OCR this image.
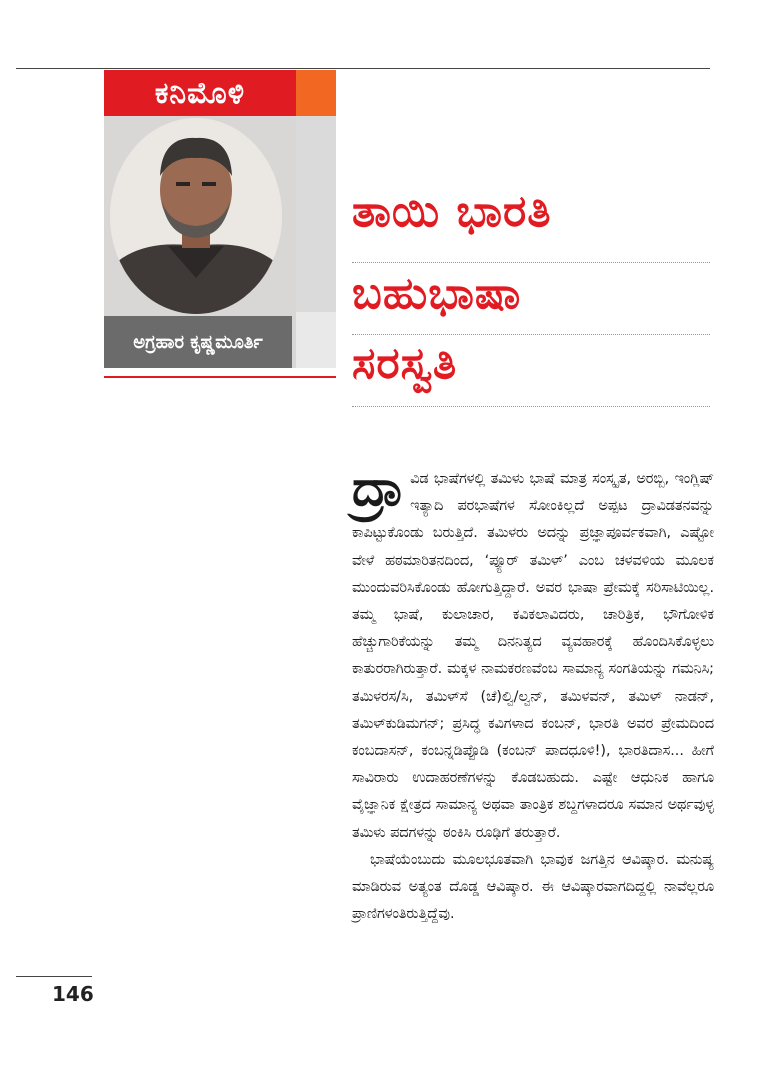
ಕನಿಮೊಳಿ
ಅಗ್ರಹಾರ ಕೃಷ್ಣಮೂರ್ತಿ
ತಾಯಿ ಭಾರತಿ
ಬಹುಭಾಷಾ
ಸರಸ್ವತಿ

ದ್ರಾ ವಿಡ ಭಾಷೆಗಳಲ್ಲಿ ತಮಿಳು ಭಾಷೆ ಮಾತ್ರ ಸಂಸ್ಕೃತ, ಅರಬ್ಬಿ, ಇಂಗ್ಲಿಷ್ ಇತ್ಯಾದಿ ಪರಭಾಷೆಗಳ ಸೋಂಕಿಲ್ಲದೆ ಅಪ್ಪಟ ದ್ರಾವಿಡತನವನ್ನು ಕಾಪಿಟ್ಟುಕೊಂಡು ಬರುತ್ತಿದೆ. ತಮಿಳರು ಅದನ್ನು ಪ್ರಜ್ಞಾಪೂರ್ವಕವಾಗಿ, ಎಷ್ಟೋ ವೇಳೆ ಹಠಮಾರಿತನದಿಂದ, ‘ಪ್ಯೂರ್ ತಮಿಳ್’ ಎಂಬ ಚಳವಳಿಯ ಮೂಲಕ ಮುಂದುವರಿಸಿಕೊಂಡು ಹೋಗುತ್ತಿದ್ದಾರೆ. ಅವರ ಭಾಷಾ ಪ್ರೇಮಕ್ಕೆ ಸರಿಸಾಟಿಯಿಲ್ಲ. ತಮ್ಮ ಭಾಷೆ, ಕುಲಾಚಾರ, ಕವಿಕಲಾವಿದರು, ಚಾರಿತ್ರಿಕ, ಭೌಗೋಳಿಕ ಹೆಚ್ಚುಗಾರಿಕೆಯನ್ನು ತಮ್ಮ ದಿನನಿತ್ಯದ ವ್ಯವಹಾರಕ್ಕೆ ಹೊಂದಿಸಿಕೊಳ್ಳಲು ಕಾತುರರಾಗಿರುತ್ತಾರೆ. ಮಕ್ಕಳ ನಾಮಕರಣವೆಂಬ ಸಾಮಾನ್ಯ ಸಂಗತಿಯನ್ನು ಗಮನಿಸಿ; ತಮಿಳರಸ/ಸಿ, ತಮಿಳ್‌ಸೆ (ಚೆ)ಲ್ವಿ/ಲ್ವನ್, ತಮಿಳವನ್, ತಮಿಳ್ ನಾಡನ್, ತಮಿಳ್‌ಕುಡಿಮಗನ್; ಪ್ರಸಿದ್ಧ ಕವಿಗಳಾದ ಕಂಬನ್, ಭಾರತಿ ಅವರ ಪ್ರೇಮದಿಂದ ಕಂಬದಾಸನ್, ಕಂಬನ್ನಡಿಪ್ಪೊಡಿ (ಕಂಬನ್ ಪಾದಧೂಳಿ!), ಭಾರತಿದಾಸ... ಹೀಗೆ ಸಾವಿರಾರು ಉದಾಹರಣೆಗಳನ್ನು ಕೊಡಬಹುದು. ಎಷ್ಟೇ ಆಧುನಿಕ ಹಾಗೂ ವೈಜ್ಞಾನಿಕ ಕ್ಷೇತ್ರದ ಸಾಮಾನ್ಯ ಅಥವಾ ತಾಂತ್ರಿಕ ಶಬ್ದಗಳಾದರೂ ಸಮಾನ ಅರ್ಥವುಳ್ಳ ತಮಿಳು ಪದಗಳನ್ನು ಠಂಕಿಸಿ ರೂಢಿಗೆ ತರುತ್ತಾರೆ.

ಭಾಷೆಯೆಂಬುದು ಮೂಲಭೂತವಾಗಿ ಭಾವುಕ ಜಗತ್ತಿನ ಆವಿಷ್ಕಾರ. ಮನುಷ್ಯ ಮಾಡಿರುವ ಅತ್ಯಂತ ದೊಡ್ಡ ಆವಿಷ್ಕಾರ. ಈ ಆವಿಷ್ಕಾರವಾಗದಿದ್ದಲ್ಲಿ ನಾವೆಲ್ಲರೂ ಪ್ರಾಣಿಗಳಂತಿರುತ್ತಿದ್ದೆವು.

146
